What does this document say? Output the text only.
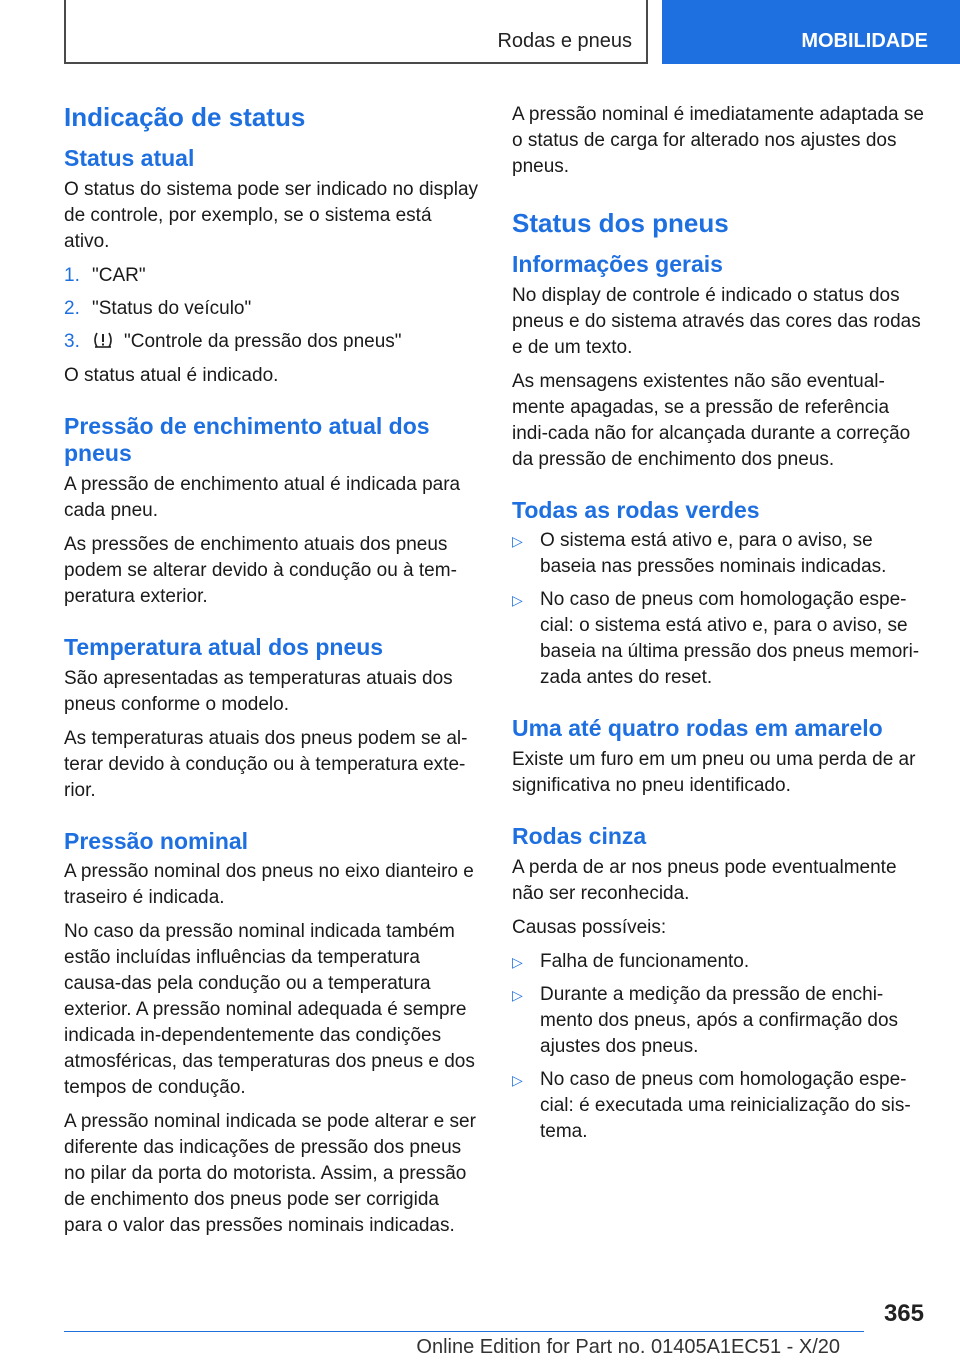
Rodas e pneus	MOBILIDADE
Indicação de status
Status atual

O status do sistema pode ser indicado no display de controle, por exemplo, se o sistema está ativo.

1. "CAR"
2. "Status do veículo"
3.	"Controle da pressão dos pneus"

O status atual é indicado.

Pressão de enchimento atual dos pneus

A pressão de enchimento atual é indicada para cada pneu.

As pressões de enchimento atuais dos pneus podem se alterar devido à condução ou à tem-peratura exterior.

Temperatura atual dos pneus

São apresentadas as temperaturas atuais dos pneus conforme o modelo.

As temperaturas atuais dos pneus podem se al-terar devido à condução ou à temperatura exte-rior.

Pressão nominal

A pressão nominal dos pneus no eixo dianteiro e traseiro é indicada.

No caso da pressão nominal indicada também estão incluídas influências da temperatura causa-das pela condução ou a temperatura exterior. A pressão nominal adequada é sempre indicada in-dependentemente das condições atmosféricas, das temperaturas dos pneus e dos tempos de condução.

A pressão nominal indicada se pode alterar e ser diferente das indicações de pressão dos pneus no pilar da porta do motorista. Assim, a pressão de enchimento dos pneus pode ser corrigida para o valor das pressões nominais indicadas.

A pressão nominal é imediatamente adaptada se o status de carga for alterado nos ajustes dos pneus.

Status dos pneus
Informações gerais

No display de controle é indicado o status dos pneus e do sistema através das cores das rodas e de um texto.

As mensagens existentes não são eventual-mente apagadas, se a pressão de referência indi-cada não for alcançada durante a correção da pressão de enchimento dos pneus.

Todas as rodas verdes
▷ O sistema está ativo e, para o aviso, se baseia nas pressões nominais indicadas.
▷ No caso de pneus com homologação espe-cial: o sistema está ativo e, para o aviso, se baseia na última pressão dos pneus memori-zada antes do reset.
Uma até quatro rodas em amarelo

Existe um furo em um pneu ou uma perda de ar significativa no pneu identificado.

Rodas cinza

A perda de ar nos pneus pode eventualmente não ser reconhecida.

Causas possíveis:

▷ Falha de funcionamento.
▷ Durante a medição da pressão de enchi-mento dos pneus, após a confirmação dos ajustes dos pneus.
▷ No caso de pneus com homologação espe-cial: é executada uma reinicialização do sis-tema.
365
Online Edition for Part no. 01405A1EC51 - X/20
